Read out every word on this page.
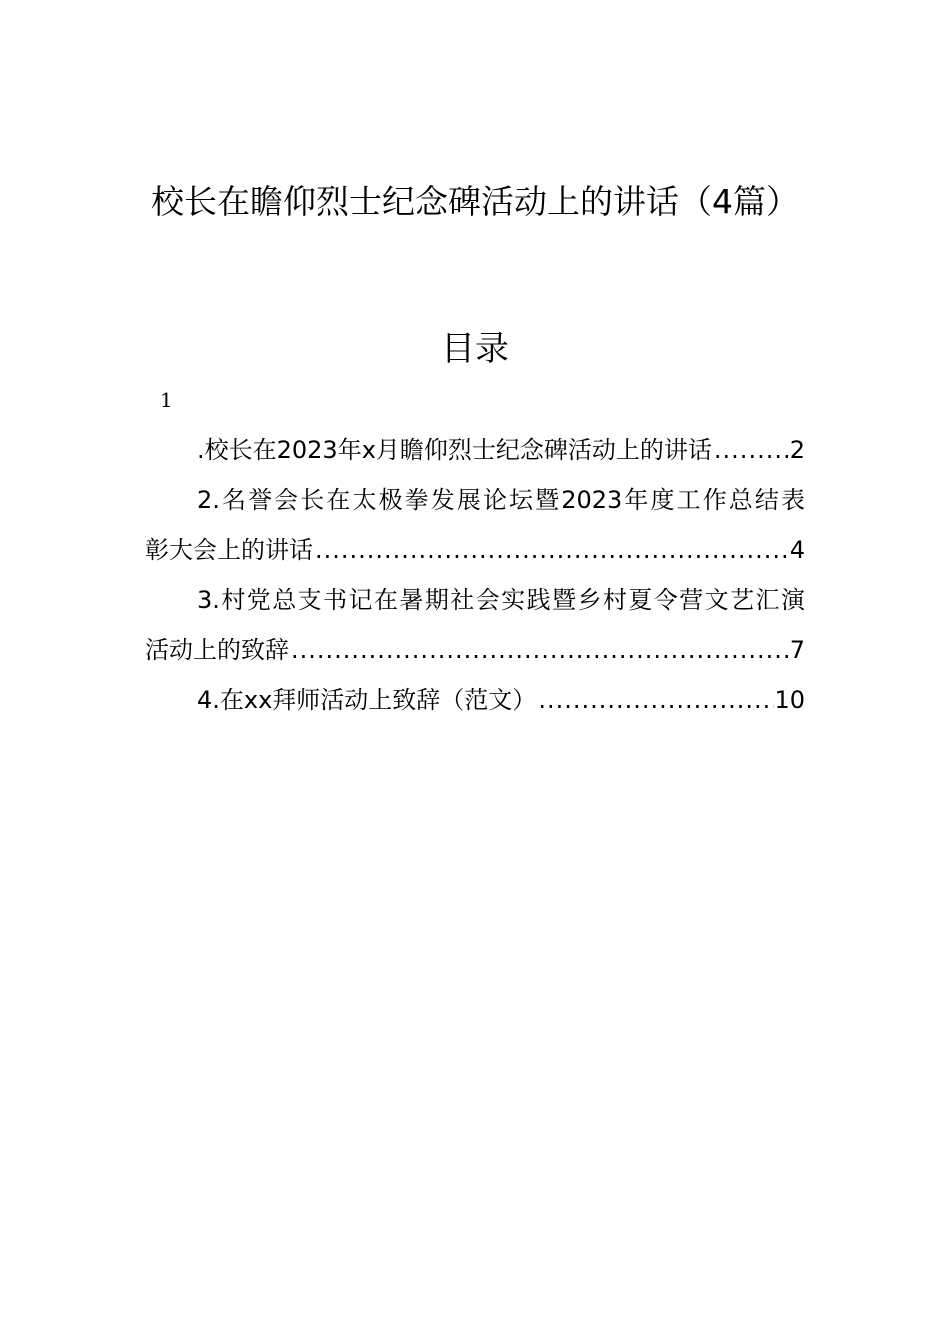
校长在瞻仰烈士纪念碑活动上的讲话（4篇）
目录
1
.校长在2023年x月瞻仰烈士纪念碑活动上的讲话 .....	2
2.名誉会长在太极拳发展论坛暨2023年度工作总结表
彰大会上的讲话 .....	4
3.村党总支书记在暑期社会实践暨乡村夏令营文艺汇演
活动上的致辞 .....	7
4.在xx拜师活动上致辞（范文） .....	10
